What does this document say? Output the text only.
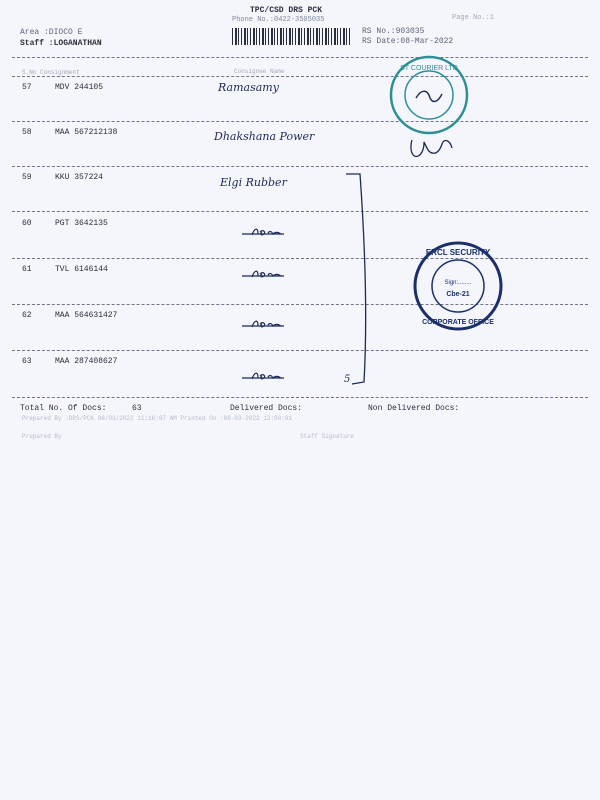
TPC/CSD DRS PCK
Phone No.:0422-3505035	Page No.:1
Area :DIOCO E
Staff :LOGANATHAN
RS No.:903035
RS Date:08-Mar-2022
S.No Consignment	Consignee Name
57	MDV 244105	Ramasamy
58	MAA 567212138	Dhakshana Power
59	KKU 357224	Elgi Rubber
60	PGT 3642135
61	TVL 6146144
62	MAA 564631427
63	MAA 287408627
5
ST COURIER LTD
ERCL SECURITY
Sign:........
Cbe-21
CORPORATE OFFICE
Total No. Of Docs:	63	Delivered Docs:	Non Delivered Docs:
Prepared By :DRS/PCK 08/03/2022 11:16:07 AM Printed On :08-03-2022 12:00:01
Prepared By	Staff Signature
